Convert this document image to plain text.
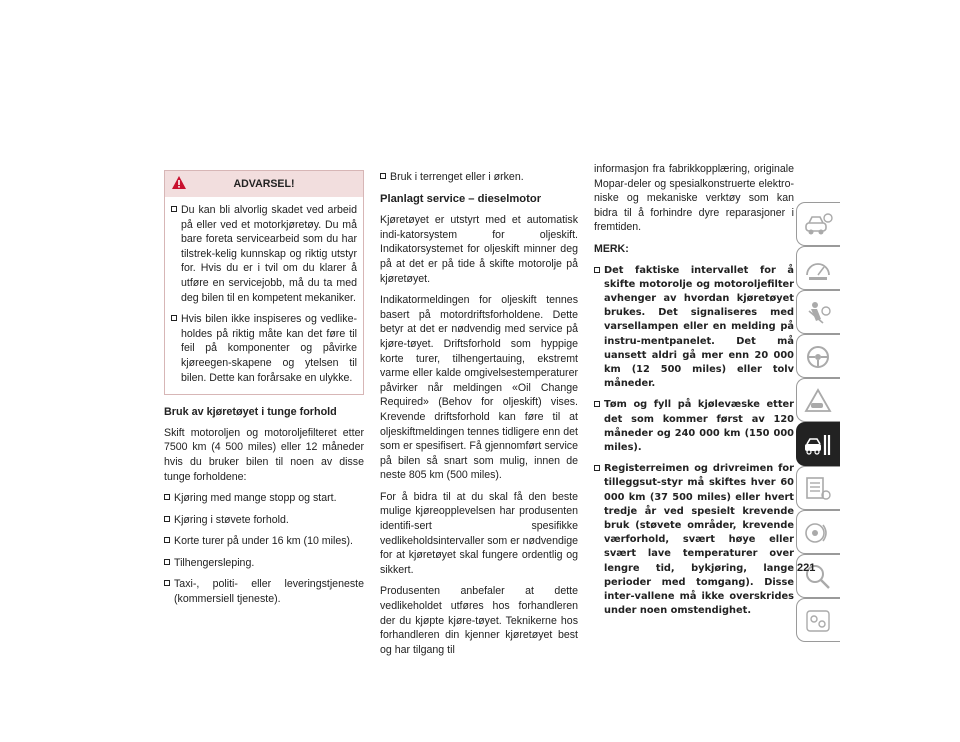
ADVARSEL!
Du kan bli alvorlig skadet ved arbeid på eller ved et motorkjøretøy. Du må bare foreta servicearbeid som du har tilstrek-kelig kunnskap og riktig utstyr for. Hvis du er i tvil om du klarer å utføre en servicejobb, må du ta med deg bilen til en kompetent mekaniker.
Hvis bilen ikke inspiseres og vedlike-holdes på riktig måte kan det føre til feil på komponenter og påvirke kjøreegen-skapene og ytelsen til bilen. Dette kan forårsake en ulykke.
Bruk av kjøretøyet i tunge forhold
Skift motoroljen og motoroljefilteret etter 7500 km (4 500 miles) eller 12 måneder hvis du bruker bilen til noen av disse tunge forholdene:
Kjøring med mange stopp og start.
Kjøring i støvete forhold.
Korte turer på under 16 km (10 miles).
Tilhengersleping.
Taxi-, politi- eller leveringstjeneste (kommersiell tjeneste).
Bruk i terrenget eller i ørken.
Planlagt service – dieselmotor
Kjøretøyet er utstyrt med et automatisk indi-katorsystem for oljeskift. Indikatorsystemet for oljeskift minner deg på at det er på tide å skifte motorolje på kjøretøyet.
Indikatormeldingen for oljeskift tennes basert på motordriftsforholdene. Dette betyr at det er nødvendig med service på kjøre-tøyet. Driftsforhold som hyppige korte turer, tilhengertauing, ekstremt varme eller kalde omgivelsestemperaturer påvirker når meldingen «Oil Change Required» (Behov for oljeskift) vises. Krevende driftsforhold kan føre til at oljeskiftmeldingen tennes tidligere enn det som er spesifisert. Få gjennomført service på bilen så snart som mulig, innen de neste 805 km (500 miles).
For å bidra til at du skal få den beste mulige kjøreopplevelsen har produsenten identifi-sert spesifikke vedlikeholdsintervaller som er nødvendige for at kjøretøyet skal fungere ordentlig og sikkert.
Produsenten anbefaler at dette vedlikeholdet utføres hos forhandleren der du kjøpte kjøre-tøyet. Teknikerne hos forhandleren din kjenner kjøretøyet best og har tilgang til
informasjon fra fabrikkopplæring, originale Mopar-deler og spesialkonstruerte elektro-niske og mekaniske verktøy som kan bidra til å forhindre dyre reparasjoner i fremtiden.
MERK:
Det faktiske intervallet for å skifte motorolje og motoroljefilter avhenger av hvordan kjøretøyet brukes. Det signaliseres med varsellampen eller en melding på instru-mentpanelet. Det må uansett aldri gå mer enn 20 000 km (12 500 miles) eller tolv måneder.
Tøm og fyll på kjølevæske etter det som kommer først av 120 måneder og 240 000 km (150 000 miles).
Registerreimen og drivreimen for tilleggsut-styr må skiftes hver 60 000 km (37 500 miles) eller hvert tredje år ved spesielt krevende bruk (støvete områder, krevende værforhold, svært høye eller svært lave temperaturer over lengre tid, bykjøring, lange perioder med tomgang). Disse inter-vallene må ikke overskrides under noen omstendighet.
221
